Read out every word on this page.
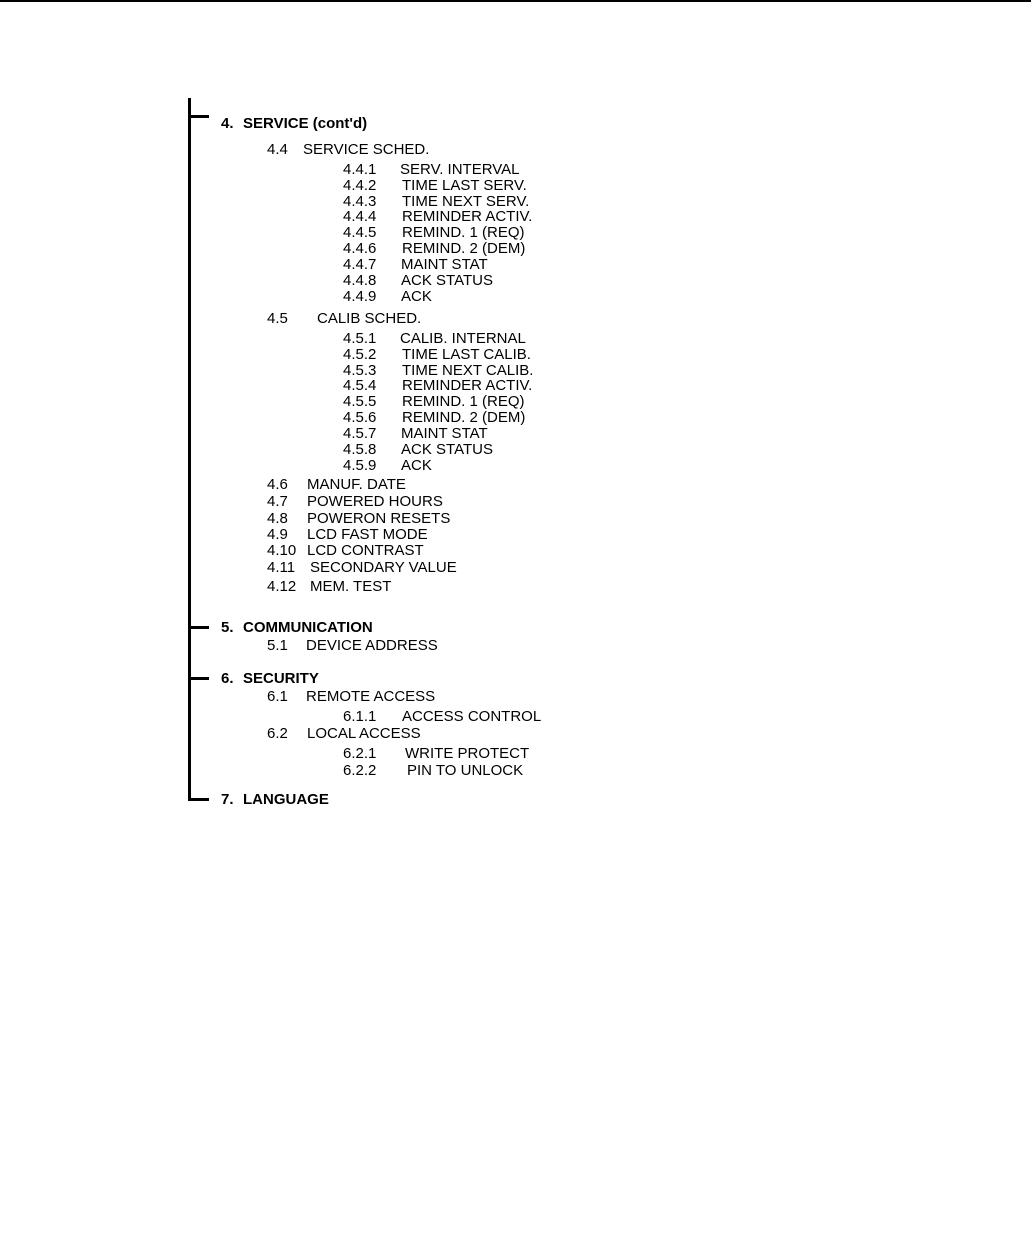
4. SERVICE (cont'd)
5. COMMUNICATION
6. SECURITY
7. LANGUAGE
4.4 SERVICE SCHED.
4.4.1 SERV. INTERVAL
4.4.2 TIME LAST SERV.
4.4.3 TIME NEXT SERV.
4.4.4 REMINDER ACTIV.
4.4.5 REMIND. 1 (REQ)
4.4.6 REMIND. 2 (DEM)
4.4.7 MAINT STAT
4.4.8 ACK STATUS
4.4.9 ACK
4.5 CALIB SCHED.
4.5.1 CALIB. INTERNAL
4.5.2 TIME LAST CALIB.
4.5.3 TIME NEXT CALIB.
4.5.4 REMINDER ACTIV.
4.5.5 REMIND. 1 (REQ)
4.5.6 REMIND. 2 (DEM)
4.5.7 MAINT STAT
4.5.8 ACK STATUS
4.5.9 ACK
4.6 MANUF. DATE
4.7 POWERED HOURS
4.8 POWERON RESETS
4.9 LCD FAST MODE
4.10 LCD CONTRAST
4.11 SECONDARY VALUE
4.12 MEM. TEST
5.1 DEVICE ADDRESS
6.1 REMOTE ACCESS
6.1.1 ACCESS CONTROL
6.2 LOCAL ACCESS
6.2.1 WRITE PROTECT
6.2.2 PIN TO UNLOCK
